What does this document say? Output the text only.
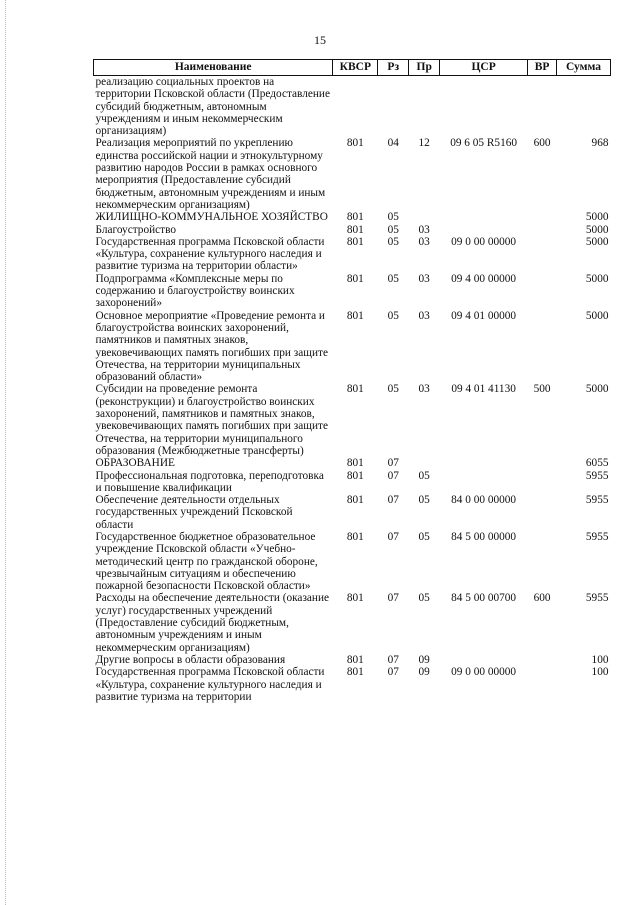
15
Наименование	КВСР	Рз	Пр	ЦСР	ВР	Сумма
реализацию социальных проектов на территории Псковской области (Предоставление субсидий бюджетным, автономным учреждениям и иным некоммерческим организациям)						
Реализация мероприятий по укреплению единства российской нации и этнокультурному развитию народов России в рамках основного мероприятия (Предоставление субсидий бюджетным, автономным учреждениям и иным некоммерческим организациям)	801	04	12	09 6 05 R5160	600	968
ЖИЛИЩНО-КОММУНАЛЬНОЕ ХОЗЯЙСТВО	801	05				5000
Благоустройство	801	05	03			5000
Государственная программа Псковской области «Культура, сохранение культурного наследия и развитие туризма на территории области»	801	05	03	09 0 00 00000		5000
Подпрограмма «Комплексные меры по содержанию и благоустройству воинских захоронений»	801	05	03	09 4 00 00000		5000
Основное мероприятие «Проведение ремонта и благоустройства воинских захоронений, памятников и памятных знаков, увековечивающих память погибших при защите Отечества, на территории муниципальных образований области»	801	05	03	09 4 01 00000		5000
Субсидии на проведение ремонта (реконструкции) и благоустройство воинских захоронений, памятников и памятных знаков, увековечивающих память погибших при защите Отечества, на территории муниципального образования (Межбюджетные трансферты)	801	05	03	09 4 01 41130	500	5000
ОБРАЗОВАНИЕ	801	07				6055
Профессиональная подготовка, переподготовка и повышение квалификации	801	07	05			5955
Обеспечение деятельности отдельных государственных учреждений Псковской области	801	07	05	84 0 00 00000		5955
Государственное бюджетное образовательное учреждение Псковской области «Учебно-методический центр по гражданской обороне, чрезвычайным ситуациям и обеспечению пожарной безопасности Псковской области»	801	07	05	84 5 00 00000		5955
Расходы на обеспечение деятельности (оказание услуг) государственных учреждений (Предоставление субсидий бюджетным, автономным учреждениям и иным некоммерческим организациям)	801	07	05	84 5 00 00700	600	5955
Другие вопросы в области образования	801	07	09			100
Государственная программа Псковской области «Культура, сохранение культурного наследия и развитие туризма на территории	801	07	09	09 0 00 00000		100
